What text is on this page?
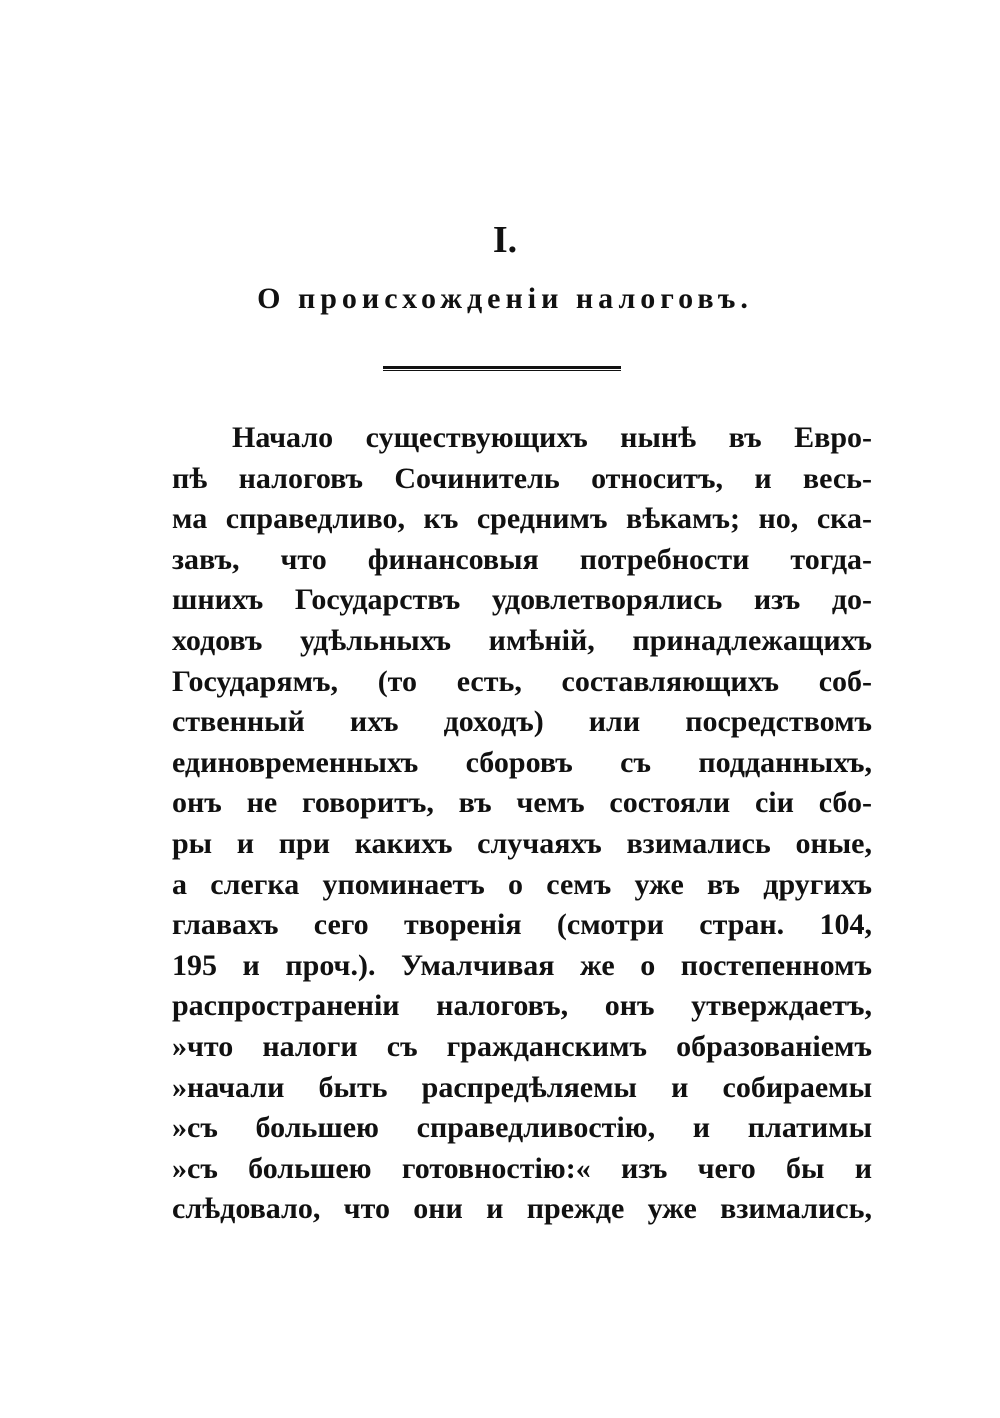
I.
О происхожденіи налоговъ.
Начало существующихъ нынѣ въ Евро-
пѣ налоговъ Сочинитель относитъ, и весь-
ма справедливо, къ среднимъ вѣкамъ; но, ска-
завъ, что финансовыя потребности тогда-
шнихъ Государствъ удовлетворялись изъ до-
ходовъ удѣльныхъ имѣній, принадлежащихъ
Государямъ, (то есть, составляющихъ соб-
ственный ихъ доходъ) или посредствомъ
единовременныхъ сборовъ съ подданныхъ,
онъ не говоритъ, въ чемъ состояли сіи сбо-
ры и при какихъ случаяхъ взимались оные,
а слегка упоминаетъ о семъ уже въ другихъ
главахъ сего творенія (смотри стран. 104,
195 и проч.). Умалчивая же о постепенномъ
распространеніи налоговъ, онъ утверждаетъ,
»что налоги съ гражданскимъ образованіемъ
»начали быть распредѣляемы и собираемы
»съ большею справедливостію, и платимы
»съ большею готовностію:« изъ чего бы и
слѣдовало, что они и прежде уже взимались,
